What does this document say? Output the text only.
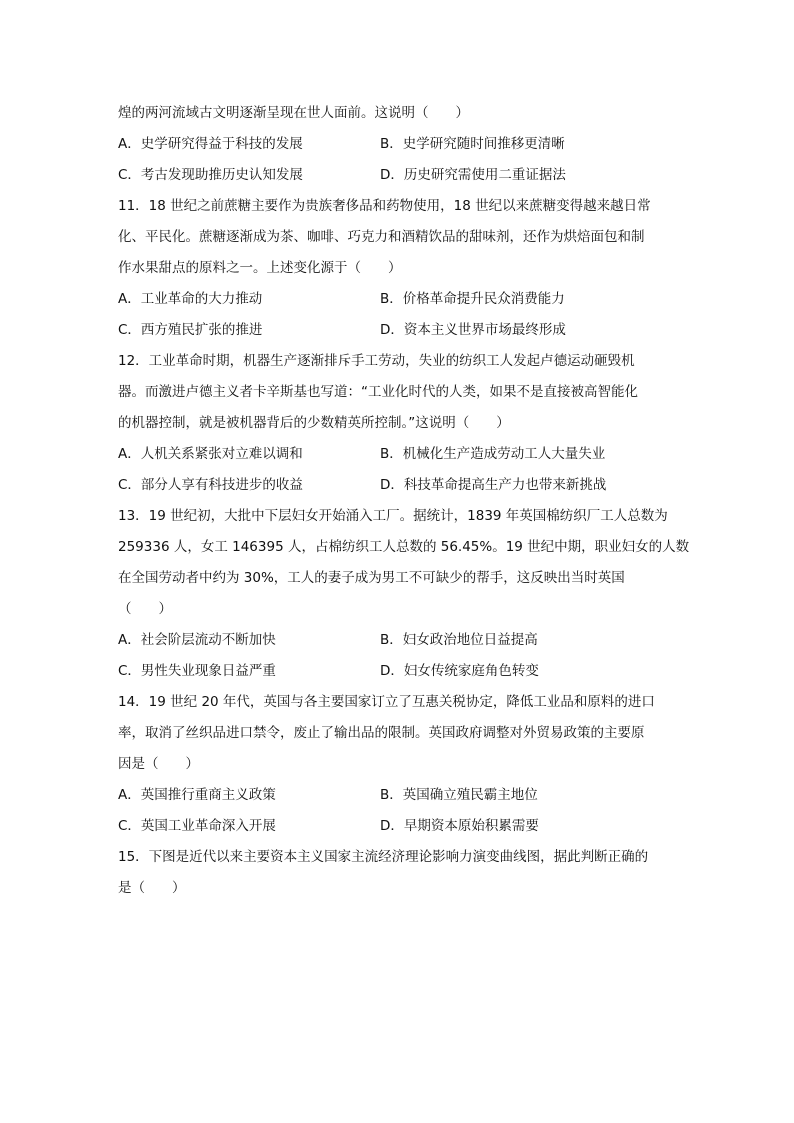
煌的两河流域古文明逐渐呈现在世人面前。这说明（　　）
A．史学研究得益于科技的发展	B．史学研究随时间推移更清晰
C．考古发现助推历史认知发展	D．历史研究需使用二重证据法
11．18 世纪之前蔗糖主要作为贵族奢侈品和药物使用，18 世纪以来蔗糖变得越来越日常
化、平民化。蔗糖逐渐成为茶、咖啡、巧克力和酒精饮品的甜味剂，还作为烘焙面包和制
作水果甜点的原料之一。上述变化源于（　　）
A．工业革命的大力推动	B．价格革命提升民众消费能力
C．西方殖民扩张的推进	D．资本主义世界市场最终形成
12．工业革命时期，机器生产逐渐排斥手工劳动，失业的纺织工人发起卢德运动砸毁机
器。而激进卢德主义者卡辛斯基也写道：“工业化时代的人类，如果不是直接被高智能化
的机器控制，就是被机器背后的少数精英所控制。”这说明（　　）
A．人机关系紧张对立难以调和	B．机械化生产造成劳动工人大量失业
C．部分人享有科技进步的收益	D．科技革命提高生产力也带来新挑战
13．19 世纪初，大批中下层妇女开始涌入工厂。据统计，1839 年英国棉纺织厂工人总数为
259336 人，女工 146395 人，占棉纺织工人总数的 56.45%。19 世纪中期，职业妇女的人数
在全国劳动者中约为 30%，工人的妻子成为男工不可缺少的帮手，这反映出当时英国
（　　）
A．社会阶层流动不断加快	B．妇女政治地位日益提高
C．男性失业现象日益严重	D．妇女传统家庭角色转变
14．19 世纪 20 年代，英国与各主要国家订立了互惠关税协定，降低工业品和原料的进口
率，取消了丝织品进口禁令，废止了输出品的限制。英国政府调整对外贸易政策的主要原
因是（　　）
A．英国推行重商主义政策	B．英国确立殖民霸主地位
C．英国工业革命深入开展	D．早期资本原始积累需要
15．下图是近代以来主要资本主义国家主流经济理论影响力演变曲线图，据此判断正确的
是（　　）
